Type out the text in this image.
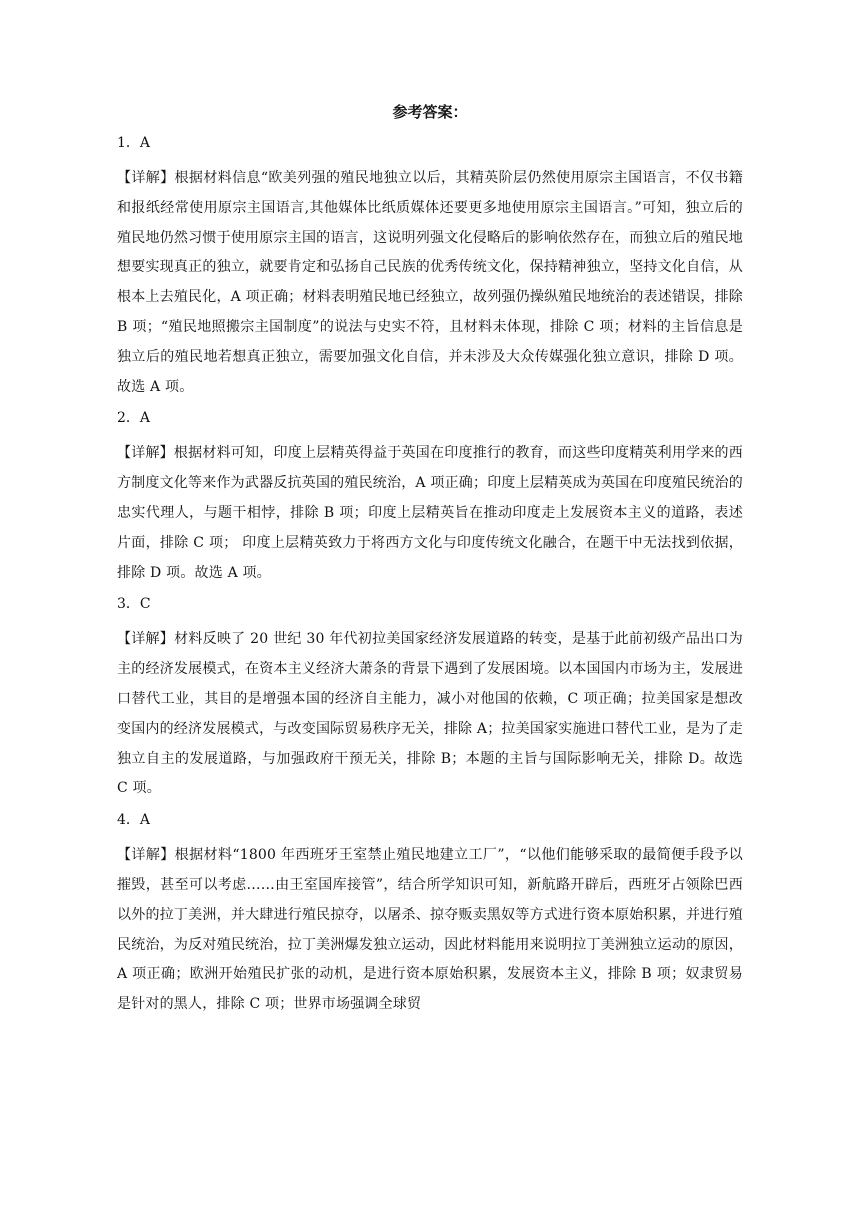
参考答案：
1．A
【详解】根据材料信息“欧美列强的殖民地独立以后，其精英阶层仍然使用原宗主国语言，不仅书籍和报纸经常使用原宗主国语言,其他媒体比纸质媒体还要更多地使用原宗主国语言。”可知，独立后的殖民地仍然习惯于使用原宗主国的语言，这说明列强文化侵略后的影响依然存在，而独立后的殖民地想要实现真正的独立，就要肯定和弘扬自己民族的优秀传统文化，保持精神独立，坚持文化自信，从根本上去殖民化，A 项正确；材料表明殖民地已经独立，故列强仍操纵殖民地统治的表述错误，排除 B 项；“殖民地照搬宗主国制度”的说法与史实不符，且材料未体现，排除 C 项；材料的主旨信息是独立后的殖民地若想真正独立，需要加强文化自信，并未涉及大众传媒强化独立意识，排除 D 项。故选 A 项。
2．A
【详解】根据材料可知，印度上层精英得益于英国在印度推行的教育，而这些印度精英利用学来的西方制度文化等来作为武器反抗英国的殖民统治，A 项正确；印度上层精英成为英国在印度殖民统治的忠实代理人，与题干相悖，排除 B 项；印度上层精英旨在推动印度走上发展资本主义的道路，表述片面，排除 C 项； 印度上层精英致力于将西方文化与印度传统文化融合，在题干中无法找到依据，排除 D 项。故选 A 项。
3．C
【详解】材料反映了 20 世纪 30 年代初拉美国家经济发展道路的转变，是基于此前初级产品出口为主的经济发展模式，在资本主义经济大萧条的背景下遇到了发展困境。以本国国内市场为主，发展进口替代工业，其目的是增强本国的经济自主能力，减小对他国的依赖，C 项正确；拉美国家是想改变国内的经济发展模式，与改变国际贸易秩序无关，排除 A；拉美国家实施进口替代工业，是为了走独立自主的发展道路，与加强政府干预无关，排除 B；本题的主旨与国际影响无关，排除 D。故选 C 项。
4．A
【详解】根据材料“1800 年西班牙王室禁止殖民地建立工厂”，“以他们能够采取的最简便手段予以摧毁，甚至可以考虑……由王室国库接管”，结合所学知识可知，新航路开辟后，西班牙占领除巴西以外的拉丁美洲，并大肆进行殖民掠夺，以屠杀、掠夺贩卖黑奴等方式进行资本原始积累，并进行殖民统治，为反对殖民统治，拉丁美洲爆发独立运动，因此材料能用来说明拉丁美洲独立运动的原因，A 项正确；欧洲开始殖民扩张的动机，是进行资本原始积累，发展资本主义，排除 B 项；奴隶贸易是针对的黑人，排除 C 项；世界市场强调全球贸
